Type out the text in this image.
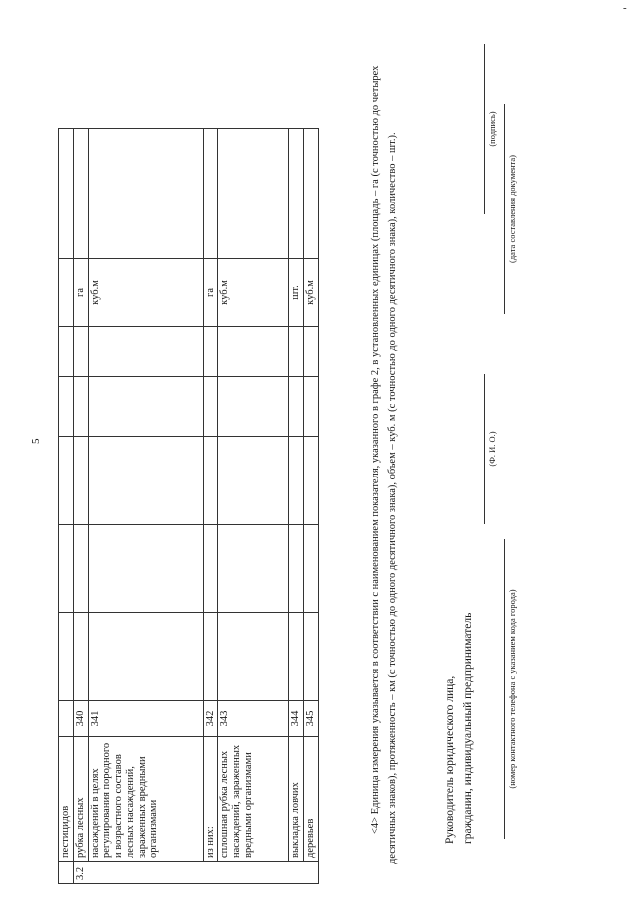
-
5
	пестицидов								
3.2	рубка лесных	340						га	
	насаждений в целях регулирования породного и возрастного составов лесных насаждений, зараженных вредными организмами	341						куб.м	
	из них:	342						га	
	сплошная рубка лесных насаждений, зараженных вредными организмами	343						куб.м	
	выкладка ловчих	344						шт.	
	деревьев	345						куб.м		<4> Единица измерения указывается в соответствии с наименованием показателя, указанного в графе 2, в установленных единицах (площадь – га (с точностью до четырех десятичных знаков), протяженность – км (с точностью до одного десятичного знака), объем – куб. м (с точностью до одного десятичного знака), количество – шт.).	Руководитель юридического лица, гражданин, индивидуальный предприниматель
(Ф. И. О.)
(подпись)
(номер контактного телефона с указанием кода города)
(дата составления документа)
